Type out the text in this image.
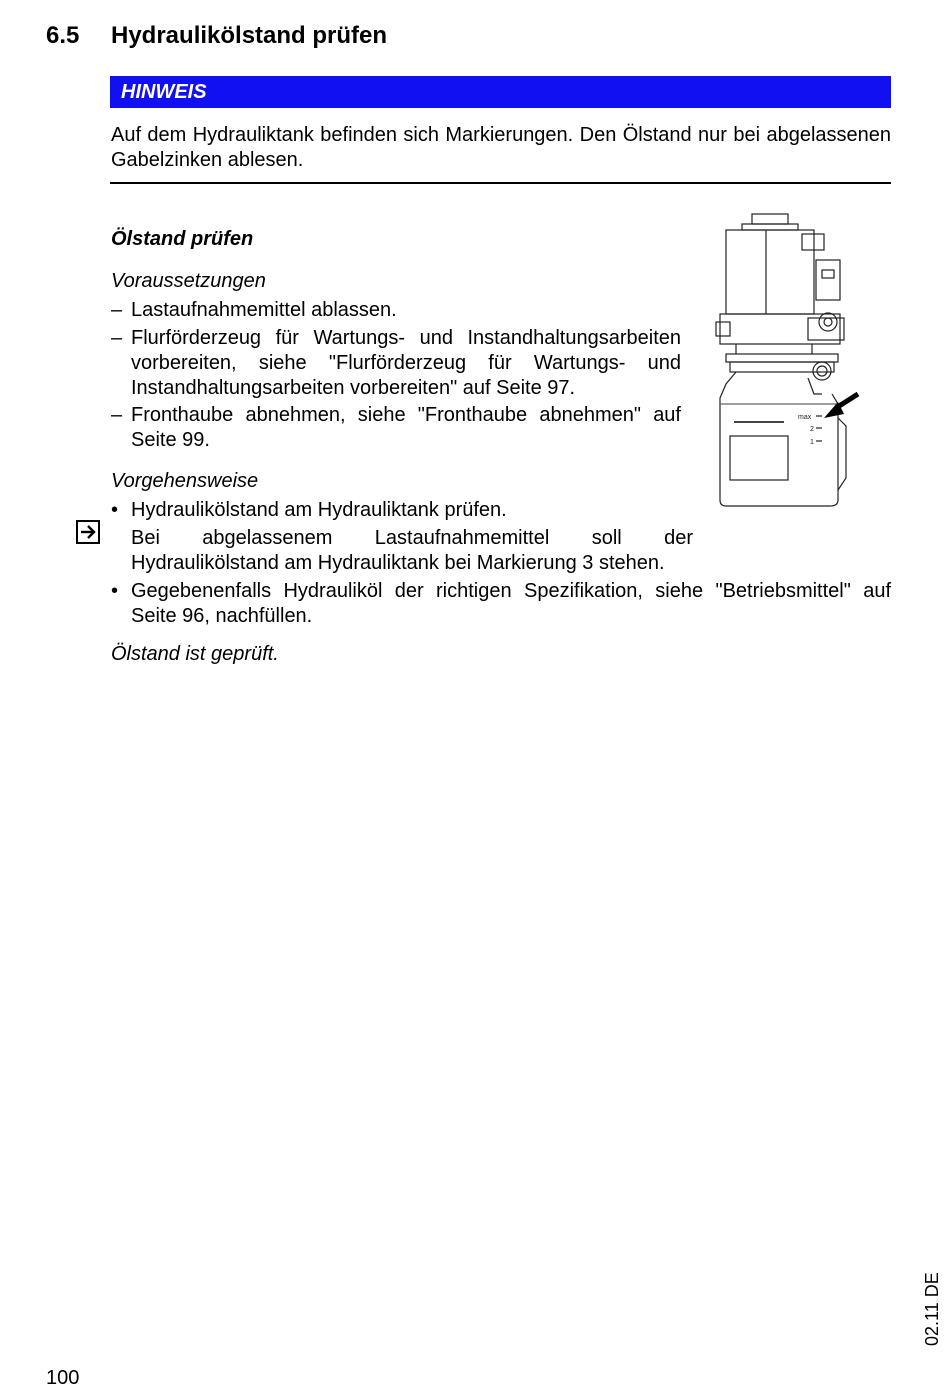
6.5 Hydraulikölstand prüfen
HINWEIS
Auf dem Hydrauliktank befinden sich Markierungen. Den Ölstand nur bei abgelassenen Gabelzinken ablesen.
Ölstand prüfen
Voraussetzungen
– Lastaufnahmemittel ablassen.
– Flurförderzeug für Wartungs- und Instandhaltungsarbeiten vorbereiten, siehe "Flurförderzeug für Wartungs- und Instandhaltungsarbeiten vorbereiten" auf Seite 97.
– Fronthaube abnehmen, siehe "Fronthaube abnehmen" auf Seite 99.
Vorgehensweise
• Hydraulikölstand am Hydrauliktank prüfen.
Bei abgelassenem Lastaufnahmemittel soll der Hydraulikölstand am Hydrauliktank bei Markierung 3 stehen.
• Gegebenenfalls Hydrauliköl der richtigen Spezifikation, siehe "Betriebsmittel" auf Seite 96, nachfüllen.
Ölstand ist geprüft.
max
2
1
02.11 DE
100
